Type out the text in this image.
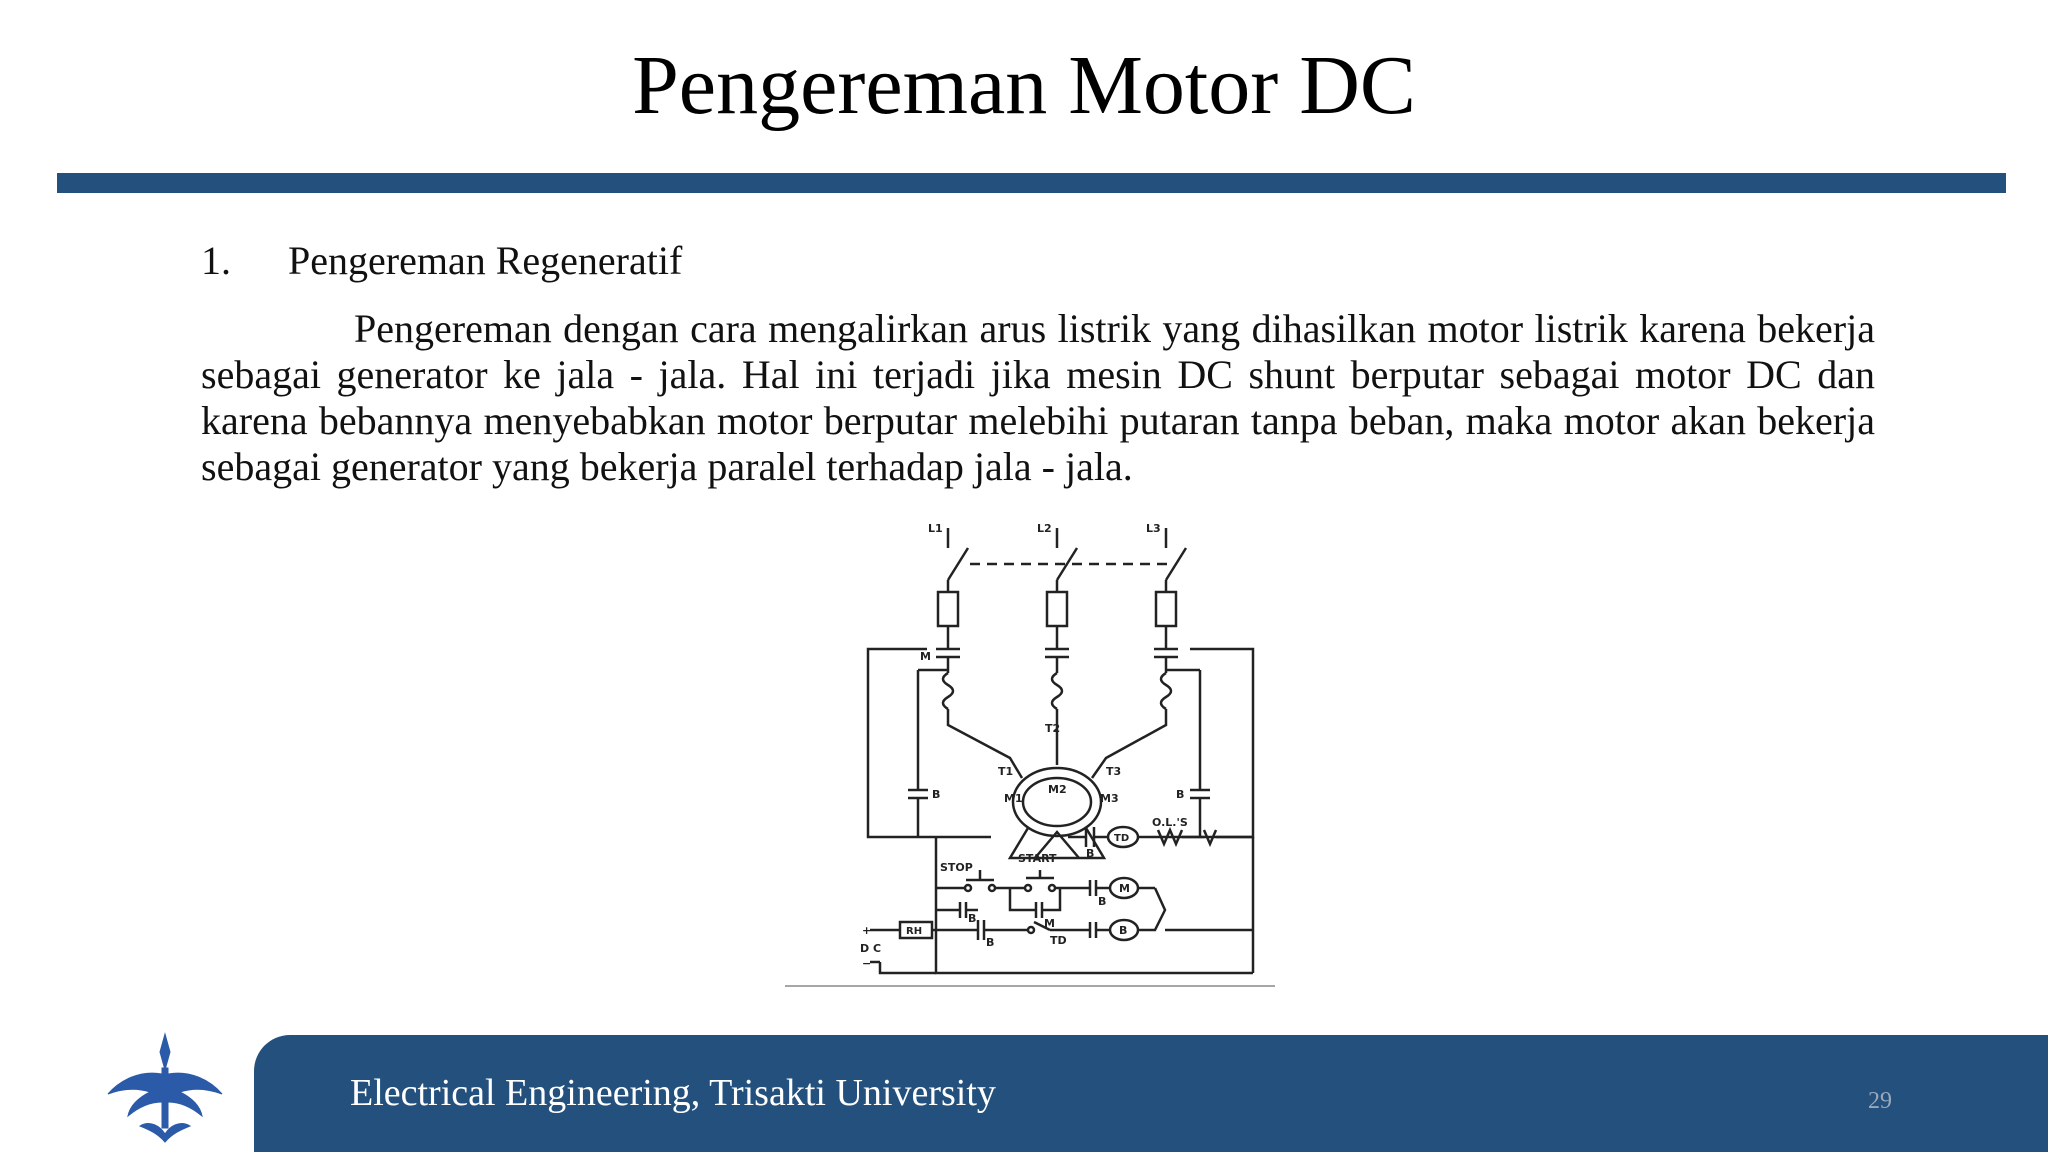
Pengereman Motor DC
1. Pengereman Regeneratif
Pengereman dengan cara mengalirkan arus listrik yang dihasilkan motor listrik karena bekerja sebagai generator ke jala - jala. Hal ini terjadi jika mesin DC shunt berputar sebagai motor DC dan karena bebannya menyebabkan motor berputar melebihi putaran tanpa beban, maka motor akan bekerja sebagai generator yang bekerja paralel terhadap jala - jala.
L1	L2	L3
M
T2
T1	T3
M1
M2
M3
B	B
O.L.'S
TD
B
STOP
START
M
M
B
B
RH
TD
B
B
+
D C
−
Electrical Engineering, Trisakti University	29
